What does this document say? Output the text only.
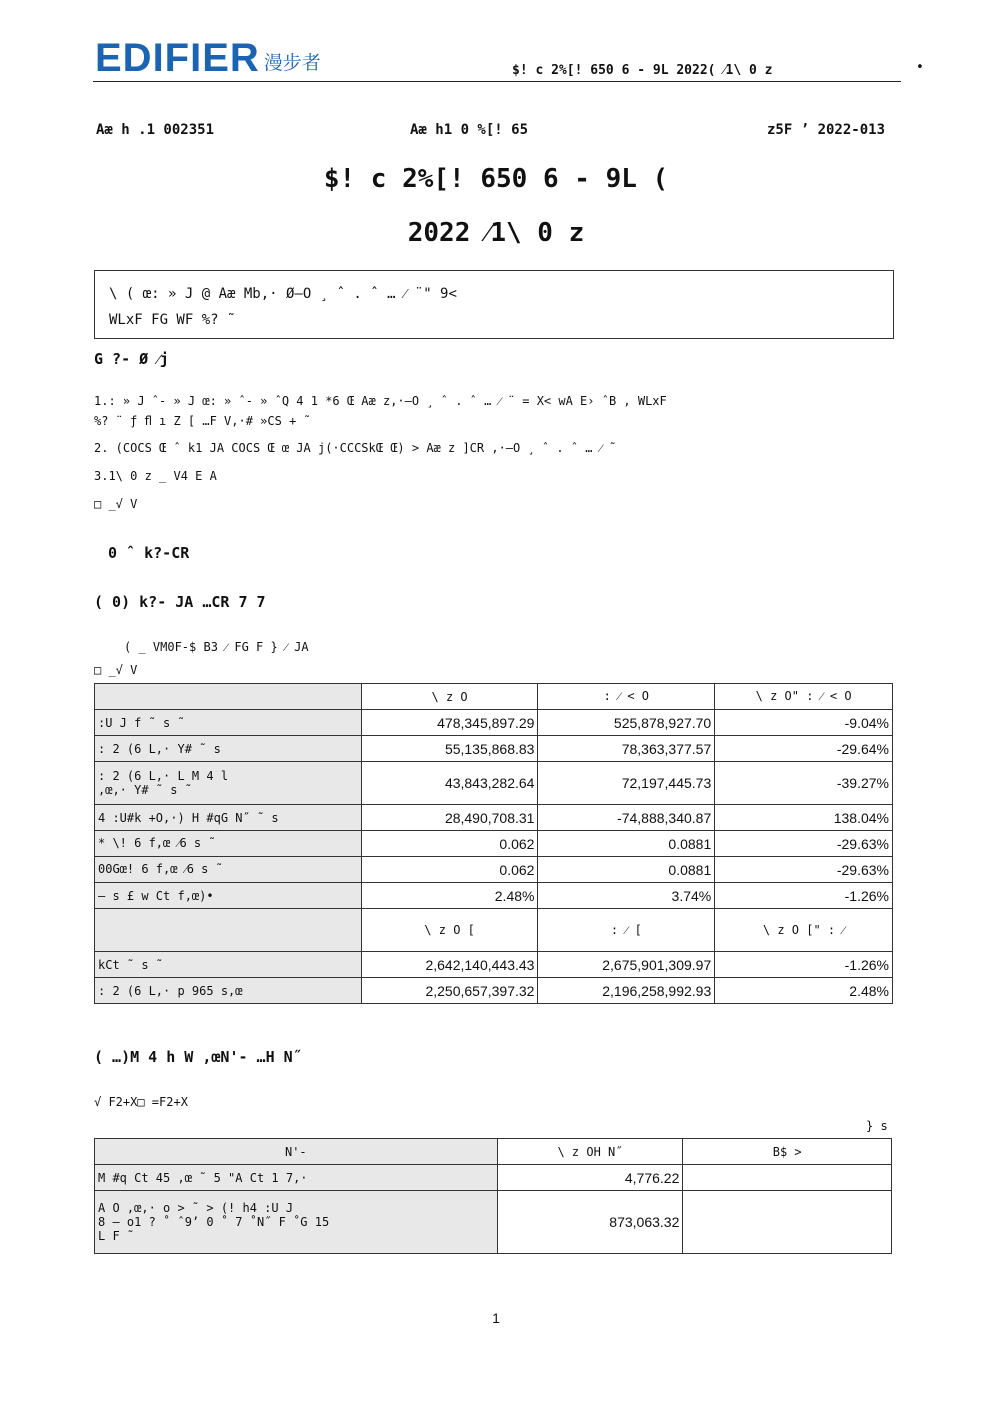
EDIFIER 漫步者	$! c 2%[! 650 6 - 9L 2022( ⁄1\ 0 z	•
Aæ h .1 002351	Aæ h1 0 %[! 65	z5F ’ 2022-013
$! c 2%[! 650 6 - 9L (
2022 ⁄1\ 0 z
\ ( œ: » J @ Aæ Mb,· Ø–O ¸ ˆ . ˆ … ⁄ ¨" 9<
WLxF FG WF %? ˜
G ?- Ø ⁄j
1.: » J ˆ- » J œ: » ˆ- » ˆQ 4 1 *6 Œ Aæ z,·–O ¸ ˆ . ˆ … ⁄ ¨ = X< wA E› ˆB , WLxF
%? ¨ ƒ ﬂ ı Z [ …F V,·# »CS + ˜
2. (COCS Œ ˆ k1 JA COCS Œ œ JA j(·CCCSkŒ Œ) > Aæ z ]CR ,·–O ¸ ˆ . ˆ … ⁄ ˜
3.1\ 0 z _ V4 E A
□ _√ V
0 ˆ k?-CR
( 0) k?- JA …CR 7 7
( _ VM0F-$ B3 ⁄ FG F } ⁄ JA
□ _√ V
	\ z O	: ⁄ < O	\ z O" : ⁄ < O
:U J f ˜ s ˜	478,345,897.29	525,878,927.70	-9.04%
: 2 (6 L,· Y# ˜ s	55,135,868.83	78,363,377.57	-29.64%

: 2 (6 L,· L M 4 l
,œ,· Y# ˜ s ˜	43,843,282.64	72,197,445.73	-39.27%
4 :U#k +O,·) H #qG N˝ ˜ s	28,490,708.31	-74,888,340.87	138.04%
* \! 6 f,œ ⁄6 s ˜	0.062	0.0881	-29.63%
00Gœ! 6 f,œ ⁄6 s ˜	0.062	0.0881	-29.63%
– s £ w Ct f,œ)•	2.48%	3.74%	-1.26%
	\ z O [	: ⁄ [	\ z O [" : ⁄
kCt ˜ s ˜	2,642,140,443.43	2,675,901,309.97	-1.26%
: 2 (6 L,· p 965 s,œ	2,250,657,397.32	2,196,258,992.93	2.48%
( …)M 4 h W ,œN'- …H N˝
√ F2+X□ =F2+X
} s
N'-	\ z OH N˝	B$ >
M #q Ct 45 ,œ ˜ 5 "A Ct 1 7,·	4,776.22	

A O ,œ,· o > ˜ > (! h4 :U J
8 – o1 ? ˚ ˆ9’ 0 ˚ 7 ˚N˝ F ˚G 15
L F ˜	873,063.32	
1
